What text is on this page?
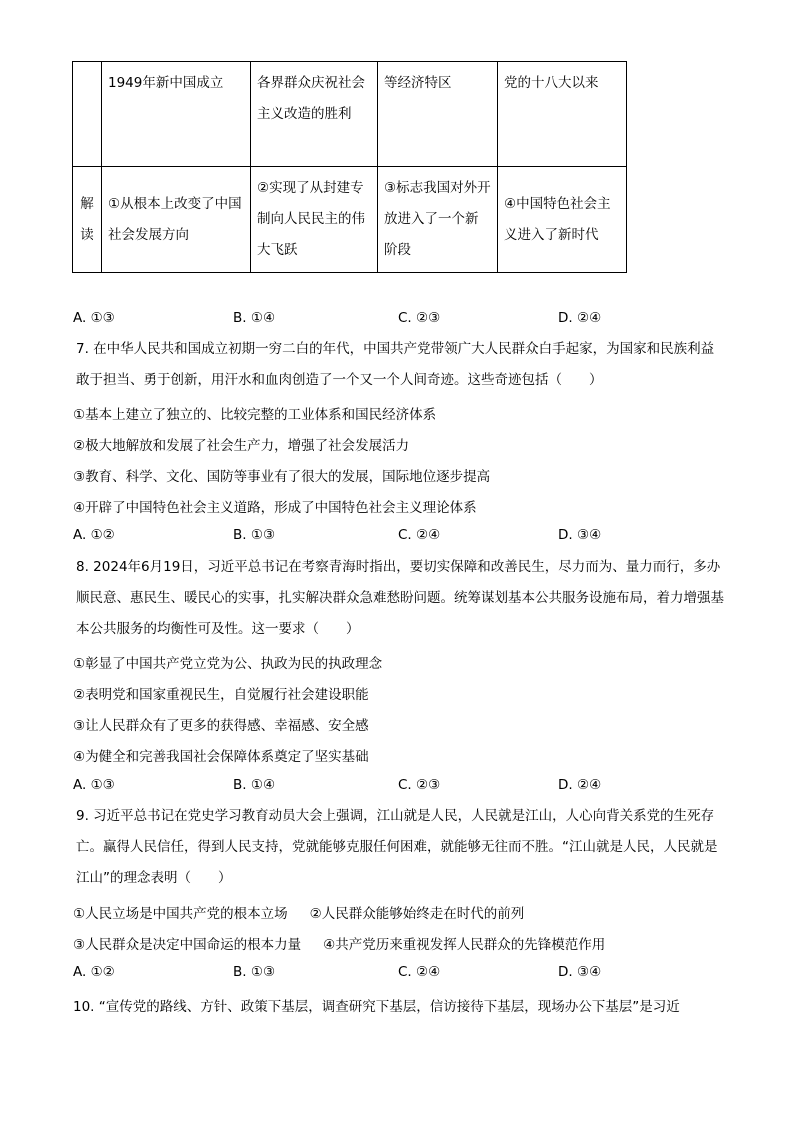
	1949年新中国成立	各界群众庆祝社会主义改造的胜利	等经济特区	党的十八大以来
解读	①从根本上改变了中国社会发展方向	②实现了从封建专制向人民民主的伟大飞跃	③标志我国对外开放进入了一个新阶段	④中国特色社会主义进入了新时代
A. ①③	B. ①④	C. ②③	D. ②④
7. 在中华人民共和国成立初期一穷二白的年代，中国共产党带领广大人民群众白手起家，为国家和民族利益敢于担当、勇于创新，用汗水和血肉创造了一个又一个人间奇迹。这些奇迹包括（　　）
①基本上建立了独立的、比较完整的工业体系和国民经济体系
②极大地解放和发展了社会生产力，增强了社会发展活力
③教育、科学、文化、国防等事业有了很大的发展，国际地位逐步提高
④开辟了中国特色社会主义道路，形成了中国特色社会主义理论体系
A. ①②	B. ①③	C. ②④	D. ③④
8. 2024年6月19日，习近平总书记在考察青海时指出，要切实保障和改善民生，尽力而为、量力而行，多办顺民意、惠民生、暖民心的实事，扎实解决群众急难愁盼问题。统筹谋划基本公共服务设施布局，着力增强基本公共服务的均衡性可及性。这一要求（　　）
①彰显了中国共产党立党为公、执政为民的执政理念
②表明党和国家重视民生，自觉履行社会建设职能
③让人民群众有了更多的获得感、幸福感、安全感
④为健全和完善我国社会保障体系奠定了坚实基础
A. ①③	B. ①④	C. ②③	D. ②④
9. 习近平总书记在党史学习教育动员大会上强调，江山就是人民，人民就是江山，人心向背关系党的生死存亡。赢得人民信任，得到人民支持，党就能够克服任何困难，就能够无往而不胜。“江山就是人民，人民就是江山”的理念表明（　　）
①人民立场是中国共产党的根本立场 ②人民群众能够始终走在时代的前列
③人民群众是决定中国命运的根本力量 ④共产党历来重视发挥人民群众的先锋模范作用
A. ①②	B. ①③	C. ②④	D. ③④
10. “宣传党的路线、方针、政策下基层，调查研究下基层，信访接待下基层，现场办公下基层”是习近
